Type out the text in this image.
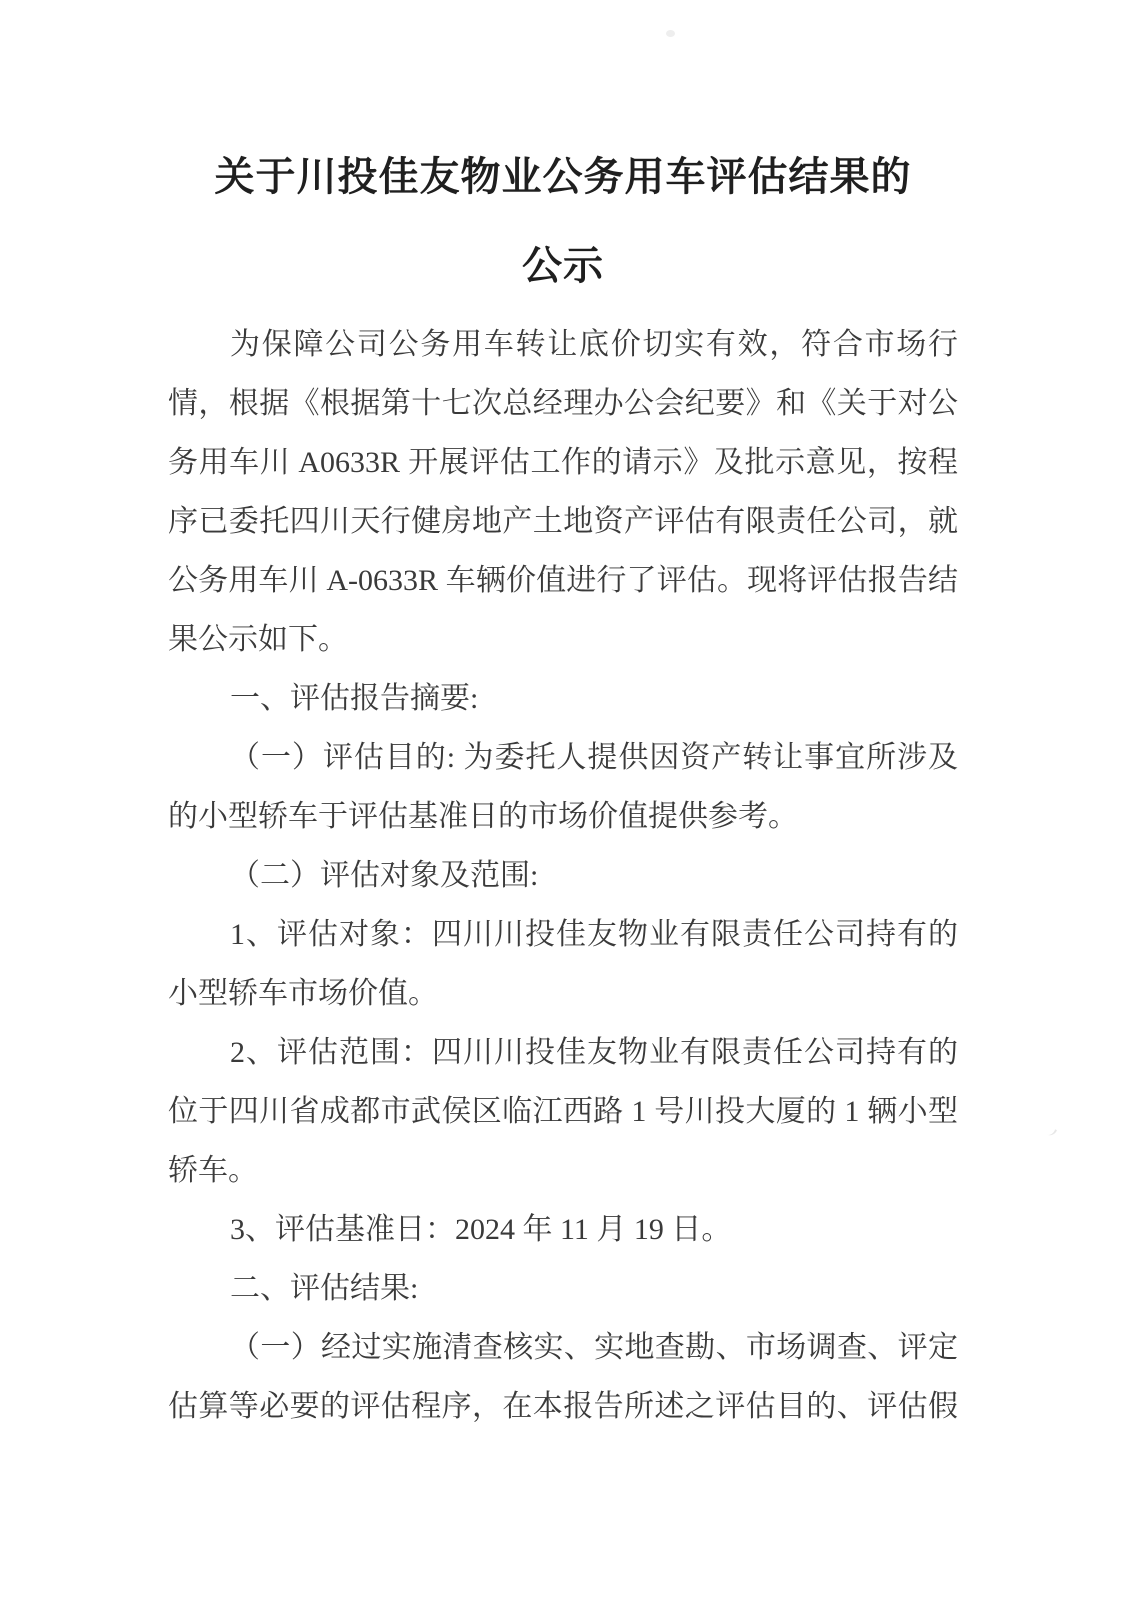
关于川投佳友物业公务用车评估结果的
公示
为保障公司公务用车转让底价切实有效，符合市场行
情，根据《根据第十七次总经理办公会纪要》和《关于对公
务用车川 A0633R 开展评估工作的请示》及批示意见，按程
序已委托四川天行健房地产土地资产评估有限责任公司，就
公务用车川 A-0633R 车辆价值进行了评估。现将评估报告结
果公示如下。
一、评估报告摘要:
（一）评估目的: 为委托人提供因资产转让事宜所涉及
的小型轿车于评估基准日的市场价值提供参考。
（二）评估对象及范围:
1、评估对象：四川川投佳友物业有限责任公司持有的
小型轿车市场价值。
2、评估范围：四川川投佳友物业有限责任公司持有的
位于四川省成都市武侯区临江西路 1 号川投大厦的 1 辆小型
轿车。
3、评估基准日：2024 年 11 月 19 日。
二、评估结果:
（一）经过实施清查核实、实地查勘、市场调查、评定
估算等必要的评估程序，在本报告所述之评估目的、评估假
